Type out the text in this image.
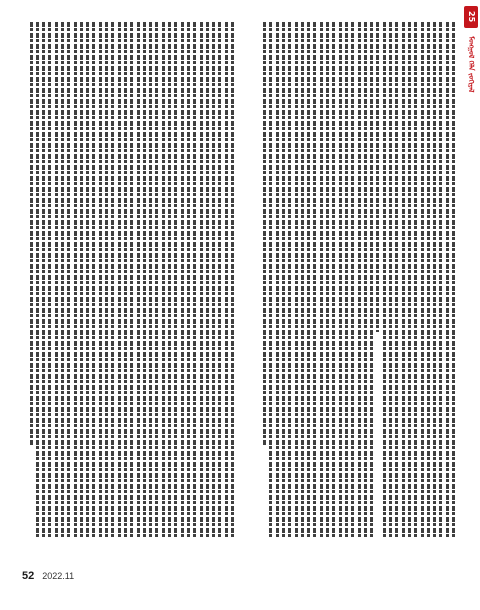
25
ᠮᠣᠩᠭᠣᠯ ᠬᠡᠯᠡ ᠵᠣᠬᠢᠶᠠᠯ
52 2022.11
